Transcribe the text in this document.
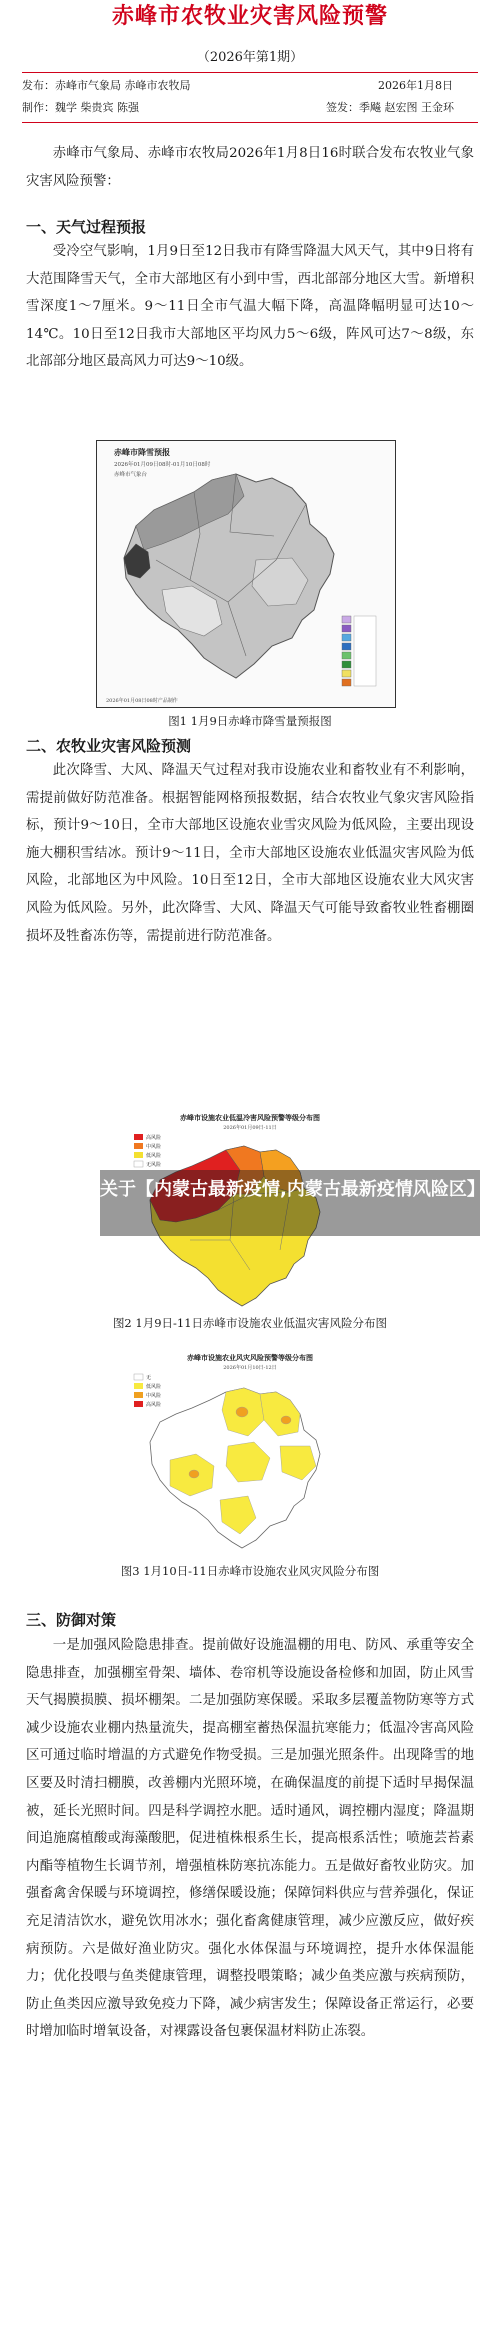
赤峰市农牧业灾害风险预警
（2026年第1期）
发布：赤峰市气象局 赤峰市农牧局	2026年1月8日
制作：魏学 柴贵宾 陈强	签发：季飚 赵宏图 王金环

赤峰市气象局、赤峰市农牧局2026年1月8日16时联合发布农牧业气象灾害风险预警：

一、天气过程预报

受冷空气影响，1月9日至12日我市有降雪降温大风天气，其中9日将有大范围降雪天气，全市大部地区有小到中雪，西北部部分地区大雪。新增积雪深度1～7厘米。9～11日全市气温大幅下降，高温降幅明显可达10～14℃。10日至12日我市大部地区平均风力5～6级，阵风可达7～8级，东北部部分地区最高风力可达9～10级。

赤峰市降雪预报
2026年01月09日08时-01月10日08时
赤峰市气象台
2026年01月08日08时产品制作
图1 1月9日赤峰市降雪量预报图
二、农牧业灾害风险预测

此次降雪、大风、降温天气过程对我市设施农业和畜牧业有不利影响，需提前做好防范准备。根据智能网格预报数据，结合农牧业气象灾害风险指标，预计9～10日，全市大部地区设施农业雪灾风险为低风险，主要出现设施大棚积雪结冰。预计9～11日，全市大部地区设施农业低温灾害风险为低风险，北部地区为中风险。10日至12日，全市大部地区设施农业大风灾害风险为低风险。另外，此次降雪、大风、降温天气可能导致畜牧业牲畜棚圈损坏及牲畜冻伤等，需提前进行防范准备。

赤峰市设施农业低温冷害风险预警等级分布图
2026年01月09日-11日
高风险
中风险
低风险
无风险
图2 1月9日-11日赤峰市设施农业低温灾害风险分布图
关于【内蒙古最新疫情,内蒙古最新疫情风险区】
赤峰市设施农业风灾风险预警等级分布图
2026年01月10日-12日
无
低风险
中风险
高风险
图3 1月10日-11日赤峰市设施农业风灾风险分布图
三、防御对策

一是加强风险隐患排查。提前做好设施温棚的用电、防风、承重等安全隐患排查，加强棚室骨架、墙体、卷帘机等设施设备检修和加固，防止风雪天气揭膜损膜、损坏棚架。二是加强防寒保暖。采取多层覆盖物防寒等方式减少设施农业棚内热量流失，提高棚室蓄热保温抗寒能力；低温冷害高风险区可通过临时增温的方式避免作物受损。三是加强光照条件。出现降雪的地区要及时清扫棚膜，改善棚内光照环境，在确保温度的前提下适时早揭保温被，延长光照时间。四是科学调控水肥。适时通风，调控棚内湿度；降温期间追施腐植酸或海藻酸肥，促进植株根系生长，提高根系活性；喷施芸苔素内酯等植物生长调节剂，增强植株防寒抗冻能力。五是做好畜牧业防灾。加强畜禽舍保暖与环境调控，修缮保暖设施；保障饲料供应与营养强化，保证充足清洁饮水，避免饮用冰水；强化畜禽健康管理，减少应激反应，做好疾病预防。六是做好渔业防灾。强化水体保温与环境调控，提升水体保温能力；优化投喂与鱼类健康管理，调整投喂策略；减少鱼类应激与疾病预防，防止鱼类因应激导致免疫力下降，减少病害发生；保障设备正常运行，必要时增加临时增氧设备，对裸露设备包裹保温材料防止冻裂。
